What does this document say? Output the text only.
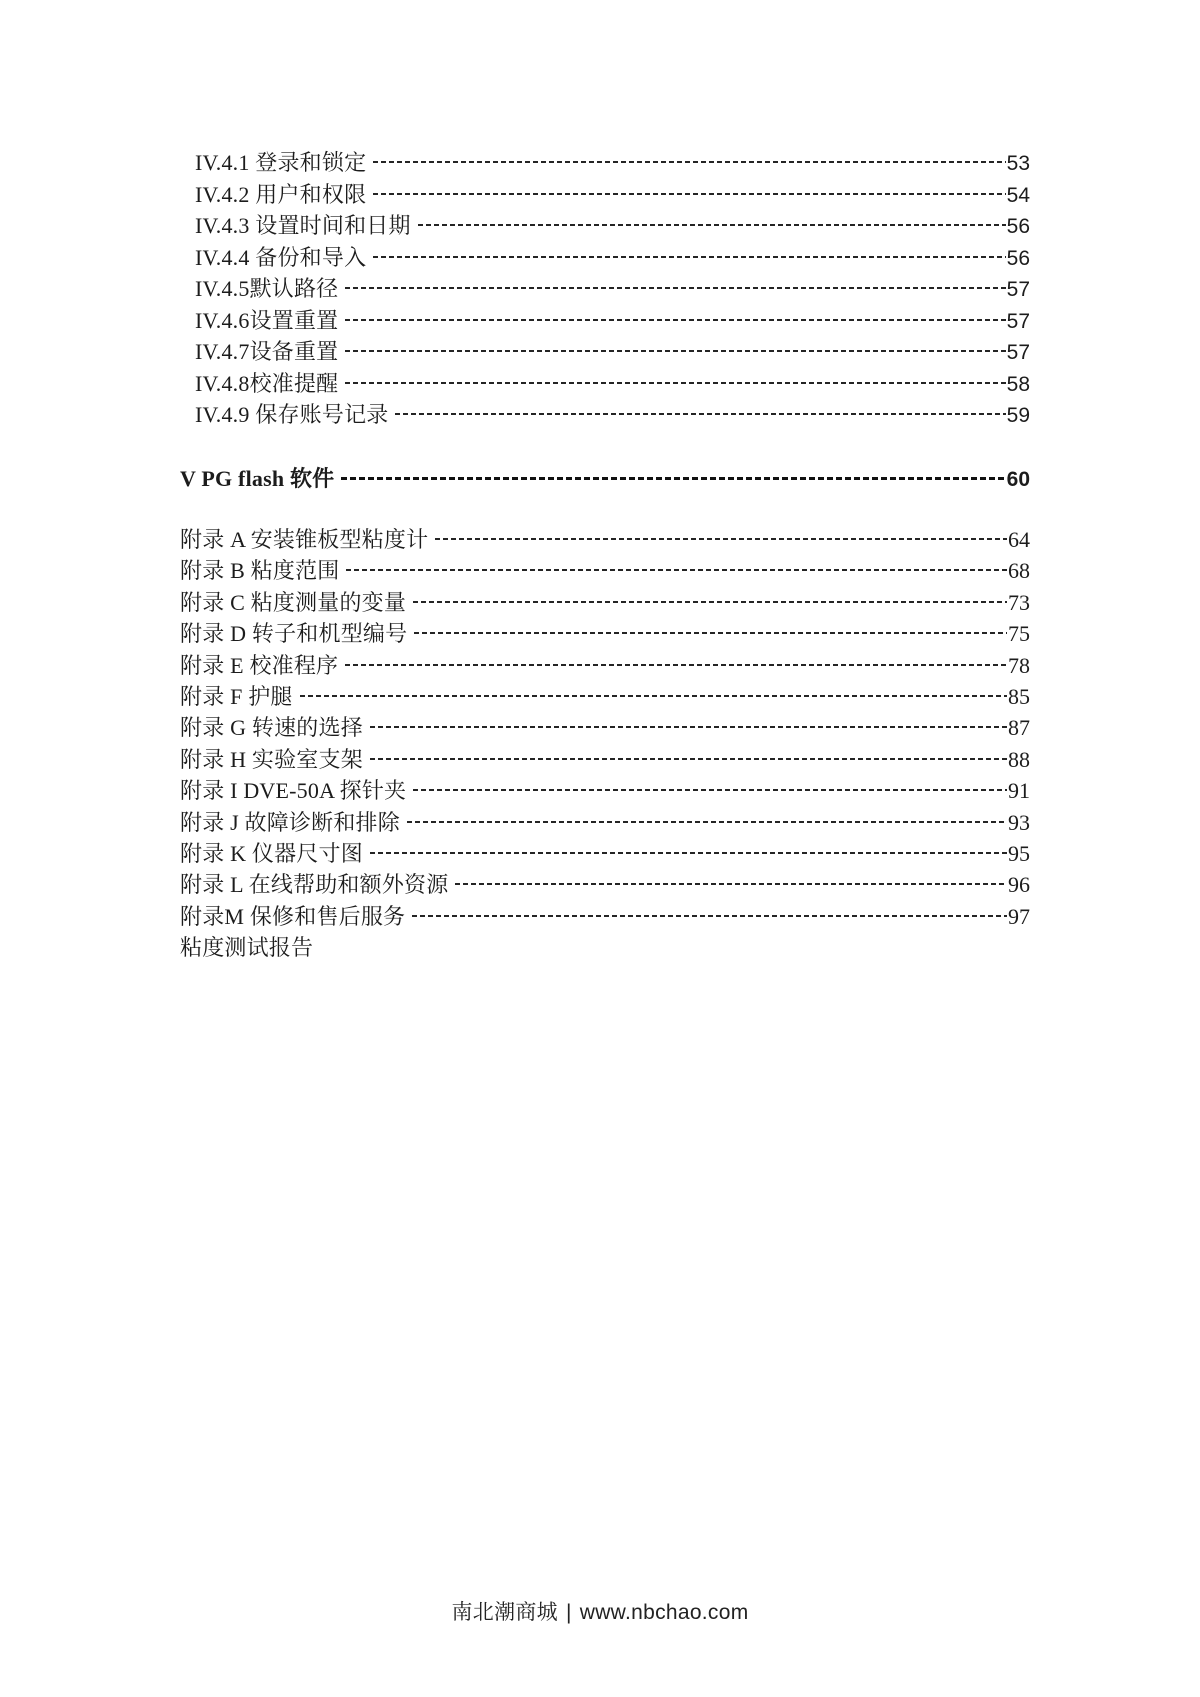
IV.4.1 登录和锁定	53
IV.4.2 用户和权限	54
IV.4.3 设置时间和日期	56
IV.4.4 备份和导入	56
IV.4.5默认路径	57
IV.4.6设置重置	57
IV.4.7设备重置	57
IV.4.8校准提醒	58
IV.4.9 保存账号记录	59
V PG flash 软件	60
附录 A 安装锥板型粘度计	64
附录 B 粘度范围	68
附录 C 粘度测量的变量	73
附录 D 转子和机型编号	75
附录 E 校准程序	78
附录 F 护腿	85
附录 G 转速的选择	87
附录 H 实验室支架	88
附录 I DVE-50A 探针夹	91
附录 J 故障诊断和排除	93
附录 K 仪器尺寸图	95
附录 L 在线帮助和额外资源	96
附录M 保修和售后服务	97
粘度测试报告
南北潮商城 | www.nbchao.com
